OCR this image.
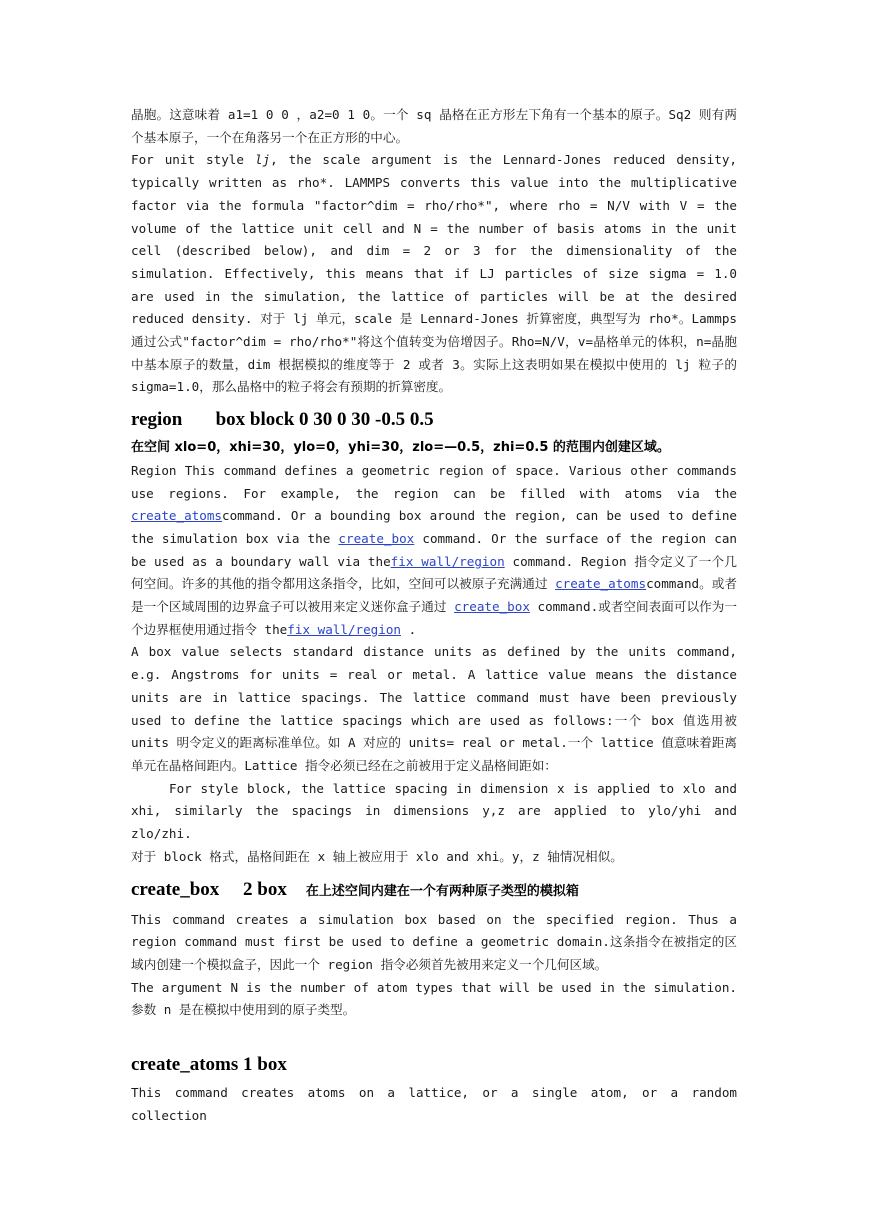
晶胞。这意味着 a1=1 0 0 ，a2=0 1 0。一个 sq 晶格在正方形左下角有一个基本的原子。Sq2 则有两个基本原子，一个在角落另一个在正方形的中心。

For unit style lj, the scale argument is the Lennard-Jones reduced density, typically written as rho*. LAMMPS converts this value into the multiplicative factor via the formula "factor^dim = rho/rho*", where rho = N/V with V = the volume of the lattice unit cell and N = the number of basis atoms in the unit cell (described below), and dim = 2 or 3 for the dimensionality of the simulation. Effectively, this means that if LJ particles of size sigma = 1.0 are used in the simulation, the lattice of particles will be at the desired reduced density. 对于 lj 单元，scale 是 Lennard-Jones 折算密度，典型写为 rho*。Lammps 通过公式"factor^dim = rho/rho*"将这个值转变为倍增因子。Rho=N/V，v=晶格单元的体积，n=晶胞中基本原子的数量，dim 根据模拟的维度等于 2 或者 3。实际上这表明如果在模拟中使用的 lj 粒子的 sigma=1.0，那么晶格中的粒子将会有预期的折算密度。

region       box block 0 30 0 30 -0.5 0.5

在空间 xlo=0，xhi=30，ylo=0，yhi=30，zlo=—0.5，zhi=0.5 的范围内创建区域。

Region This command defines a geometric region of space. Various other commands use regions. For example, the region can be filled with atoms via the create_atomscommand. Or a bounding box around the region, can be used to define the simulation box via the create_box command. Or the surface of the region can be used as a boundary wall via thefix wall/region command. Region 指令定义了一个几何空间。许多的其他的指令都用这条指令，比如，空间可以被原子充满通过 create_atomscommand。或者是一个区域周围的边界盒子可以被用来定义迷你盒子通过 create_box command.或者空间表面可以作为一个边界框使用通过指令 thefix wall/region .

A box value selects standard distance units as defined by the units command, e.g. Angstroms for units = real or metal. A lattice value means the distance units are in lattice spacings. The lattice command must have been previously used to define the lattice spacings which are used as follows:一个 box 值选用被 units 明令定义的距离标准单位。如 A 对应的 units= real or metal.一个 lattice 值意味着距离单元在晶格间距内。Lattice 指令必须已经在之前被用于定义晶格间距如：

For style block, the lattice spacing in dimension x is applied to xlo and xhi, similarly the spacings in dimensions y,z are applied to ylo/yhi and zlo/zhi.

对于 block 格式，晶格间距在 x 轴上被应用于 xlo and xhi。y，z 轴情况相似。

create_box     2 box 在上述空间内建在一个有两种原子类型的模拟箱

This command creates a simulation box based on the specified region. Thus a region command must first be used to define a geometric domain.这条指令在被指定的区域内创建一个模拟盒子，因此一个 region 指令必须首先被用来定义一个几何区域。

The argument N is the number of atom types that will be used in the simulation. 参数 n 是在模拟中使用到的原子类型。

create_atoms 1 box

This command creates atoms on a lattice, or a single atom, or a random collection
